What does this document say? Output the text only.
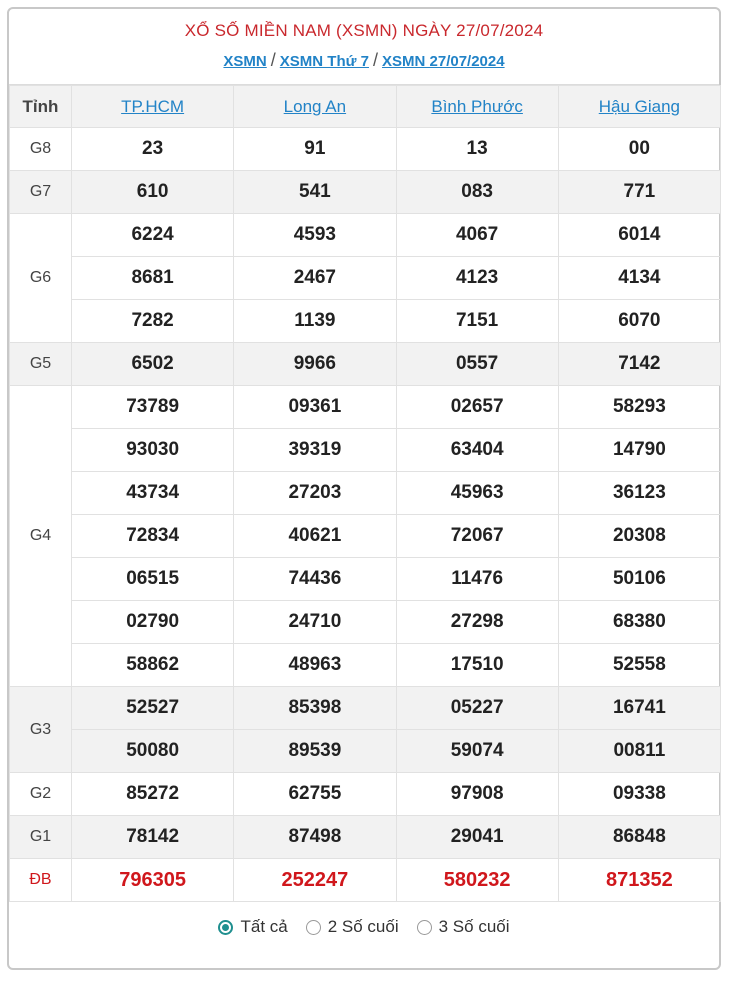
XỔ SỐ MIỀN NAM (XSMN) NGÀY 27/07/2024
XSMN / XSMN Thứ 7 / XSMN 27/07/2024
Tỉnh	TP.HCM	Long An	Bình Phước	Hậu Giang
G8	23	91	13	00
G7	610	541	083	771
G6	6224	4593	4067	6014
	8681	2467	4123	4134
	7282	1139	7151	6070
G5	6502	9966	0557	7142
G4	73789	09361	02657	58293
	93030	39319	63404	14790
	43734	27203	45963	36123
	72834	40621	72067	20308
	06515	74436	11476	50106
	02790	24710	27298	68380
	58862	48963	17510	52558
G3	52527	85398	05227	16741
	50080	89539	59074	00811
G2	85272	62755	97908	09338
G1	78142	87498	29041	86848
ĐB	796305	252247	580232	871352
Tất cả 2 Số cuối 3 Số cuối
